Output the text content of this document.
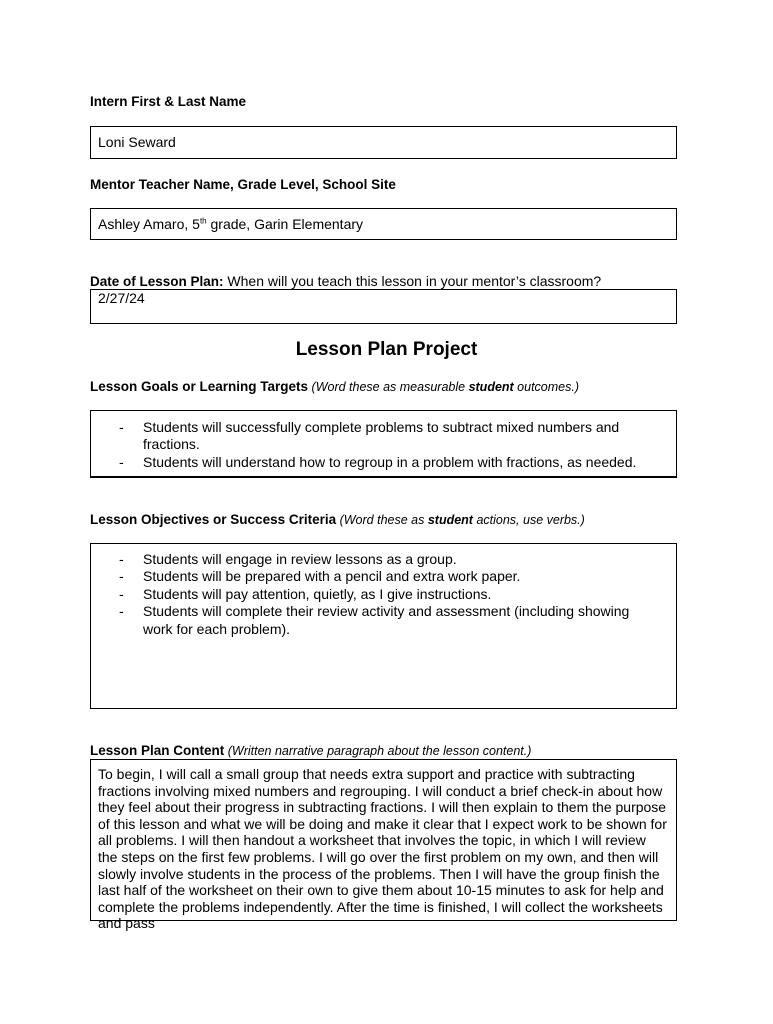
Intern First & Last Name
Loni Seward
Mentor Teacher Name, Grade Level, School Site
Ashley Amaro, 5th grade, Garin Elementary
Date of Lesson Plan: When will you teach this lesson in your mentor’s classroom?
2/27/24
Lesson Plan Project
Lesson Goals or Learning Targets (Word these as measurable student outcomes.)
- Students will successfully complete problems to subtract mixed numbers and fractions.
- Students will understand how to regroup in a problem with fractions, as needed.
Lesson Objectives or Success Criteria (Word these as student actions, use verbs.)
- Students will engage in review lessons as a group.
- Students will be prepared with a pencil and extra work paper.
- Students will pay attention, quietly, as I give instructions.
- Students will complete their review activity and assessment (including showing work for each problem).
Lesson Plan Content (Written narrative paragraph about the lesson content.)
To begin, I will call a small group that needs extra support and practice with subtracting fractions involving mixed numbers and regrouping. I will conduct a brief check-in about how they feel about their progress in subtracting fractions. I will then explain to them the purpose of this lesson and what we will be doing and make it clear that I expect work to be shown for all problems. I will then handout a worksheet that involves the topic, in which I will review the steps on the first few problems. I will go over the first problem on my own, and then will slowly involve students in the process of the problems. Then I will have the group finish the last half of the worksheet on their own to give them about 10-15 minutes to ask for help and complete the problems independently. After the time is finished, I will collect the worksheets and pass
